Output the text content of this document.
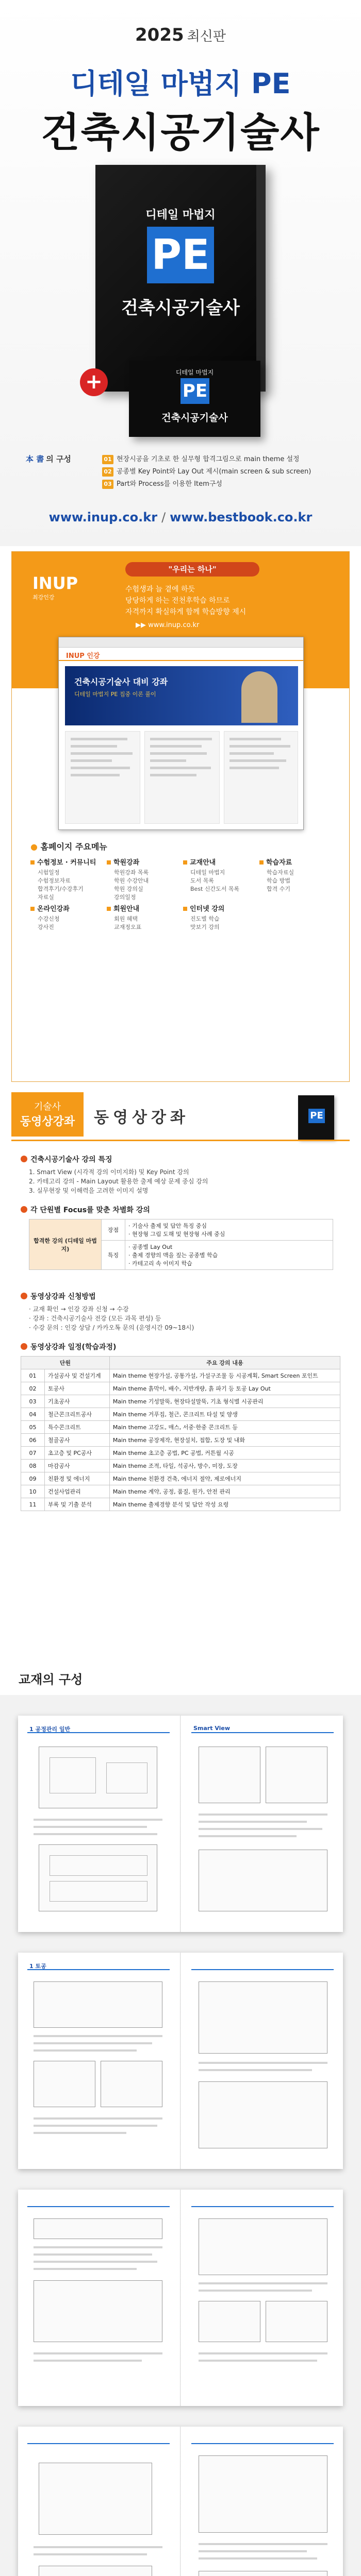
2025 최신판
디테일 마법지 PE
건축시공기술사
디테일 마법지
PE
건축시공기술사
+	디테일 마법지
PE
건축시공기술사
本 書 의 구성	01 현장시공을 기초로 한 실무형 합격그림으로 main theme 설정
02 공종별 Key Point와 Lay Out 제시(main screen & sub screen)
03 Part와 Process를 이용한 Item구성
www.inup.co.kr / www.bestbook.co.kr
INUP
최강인강
"우리는 하나"
수험생과 늘 곁에 하듯
당당하게 하는 전천후학습 하므로
자격까지 확실하게 함께 학습방향 제시
▶▶ www.inup.co.kr
INUP 인강
건축시공기술사 대비 강좌
디테일 마법지 PE 집중 이론 풀이
● 홈페이지 주요메뉴
수험정보 · 커뮤니티
시험일정
수험정보자료
합격후기/수강후기
자료실
학원강좌
학원강좌 목록
학원 수강안내
학원 강의실
강의일정
교재안내
디테일 마법지
도서 목록
Best 신간도서 목록
학습자료
학습자료실
학습 방법
합격 수기
온라인강좌
수강신청
강사진
회원안내
회원 혜택
교재정오표
인터넷 강의
진도별 학습
맛보기 강의
기술사
동영상강좌	동영상강좌	PE
건축시공기술사 강의 특징
1. Smart View (시각적 강의 이미지화) 및 Key Point 강의
2. 카테고리 강의 - Main Layout 활용한 출제 예상 문제 중심 강의
3. 실무현장 및 이해력을 고려한 이미지 설명
각 단원별 Focus를 맞춘 차별화 강의
합격한 강의 (디테일 마법지)	장점	· 기술사 출제 및 답안 특징 중심
· 현장형 그림 도해 및 현장형 사례 중심

	특징	· 공종별 Lay Out
· 출제 경향의 맥을 짚는 공종별 학습
· 카테고리 속 이미지 학습
동영상강좌 신청방법
· 교재 확인 → 인강 강좌 신청 → 수강
· 강좌 : 건축시공기술사 전강 (모든 과목 편성) 등
· 수강 문의 : 인강 상담 / 카카오톡 문의 (운영시간 09~18시)
동영상강좌 일정(학습과정)
단원		주요 강의 내용
01	가설공사 및 건설기계	Main theme 현장가설, 공통가설, 가설구조물 등 시공계획, Smart Screen 포인트
02	토공사	Main theme 흙막이, 배수, 지반개량, 흙 파기 등 토공 Lay Out
03	기초공사	Main theme 기성말뚝, 현장타설말뚝, 기초 형식별 시공관리
04	철근콘크리트공사	Main theme 거푸집, 철근, 콘크리트 타설 및 양생
05	특수콘크리트	Main theme 고강도, 매스, 서중·한중 콘크리트 등
06	철골공사	Main theme 공장제작, 현장설치, 접합, 도장 및 내화
07	초고층 및 PC공사	Main theme 초고층 공법, PC 공법, 커튼월 시공
08	마감공사	Main theme 조적, 타일, 석공사, 방수, 미장, 도장
09	친환경 및 에너지	Main theme 친환경 건축, 에너지 절약, 제로에너지
10	건설사업관리	Main theme 계약, 공정, 품질, 원가, 안전 관리
11	부록 및 기출 분석	Main theme 출제경향 분석 및 답안 작성 요령
교재의 구성
1 공정관리 일반	Smart View
1 토공
